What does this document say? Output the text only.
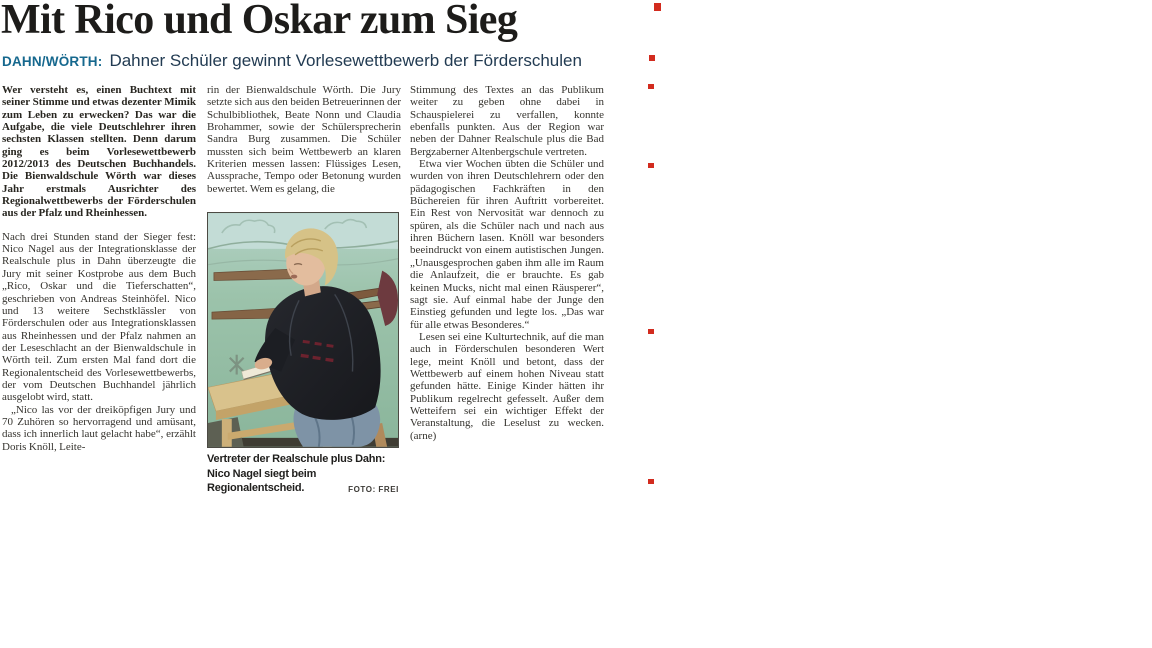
Mit Rico und Oskar zum Sieg
DAHN/WÖRTH: Dahner Schüler gewinnt Vorlesewettbewerb der Förderschulen

Wer versteht es, einen Buchtext mit seiner Stimme und etwas dezenter Mimik zum Leben zu erwecken? Das war die Aufgabe, die viele Deutschlehrer ihren sechsten Klassen stellten. Denn darum ging es beim Vorlesewettbewerb 2012/2013 des Deutschen Buchhandels. Die Bienwaldschule Wörth war dieses Jahr erstmals Ausrichter des Regionalwettbewerbs der Förderschulen aus der Pfalz und Rheinhessen.

Nach drei Stunden stand der Sieger fest: Nico Nagel aus der Integrationsklasse der Realschule plus in Dahn überzeugte die Jury mit seiner Kostprobe aus dem Buch „Rico, Oskar und die Tieferschatten“, geschrieben von Andreas Steinhöfel. Nico und 13 weitere Sechstklässler von Förderschulen oder aus Integrationsklassen aus Rheinhessen und der Pfalz nahmen an der Leseschlacht an der Bienwaldschule in Wörth teil. Zum ersten Mal fand dort die Regionalentscheid des Vorlesewettbewerbs, der vom Deutschen Buchhandel jährlich ausgelobt wird, statt.

„Nico las vor der dreiköpfigen Jury und 70 Zuhören so hervorragend und amüsant, dass ich innerlich laut gelacht habe“, erzählt Doris Knöll, Leite-

rin der Bienwaldschule Wörth. Die Jury setzte sich aus den beiden Betreuerinnen der Schulbibliothek, Beate Nonn und Claudia Brohammer, sowie der Schülersprecherin Sandra Burg zusammen. Die Schüler mussten sich beim Wettbewerb an klaren Kriterien messen lassen: Flüssiges Lesen, Aussprache, Tempo oder Betonung wurden bewertet. Wem es gelang, die

Vertreter der Realschule plus Dahn: Nico Nagel siegt beim Regionalentscheid.	FOTO: FREI

Stimmung des Textes an das Publikum weiter zu geben ohne dabei in Schauspielerei zu verfallen, konnte ebenfalls punkten. Aus der Region war neben der Dahner Realschule plus die Bad Bergzaberner Altenbergschule vertreten.

Etwa vier Wochen übten die Schüler und wurden von ihren Deutschlehrern oder den pädagogischen Fachkräften in den Büchereien für ihren Auftritt vorbereitet. Ein Rest von Nervosität war dennoch zu spüren, als die Schüler nach und nach aus ihren Büchern lasen. Knöll war besonders beeindruckt von einem autistischen Jungen. „Unausgesprochen gaben ihm alle im Raum die Anlaufzeit, die er brauchte. Es gab keinen Mucks, nicht mal einen Räusperer“, sagt sie. Auf einmal habe der Junge den Einstieg gefunden und legte los. „Das war für alle etwas Besonderes.“

Lesen sei eine Kulturtechnik, auf die man auch in Förderschulen besonderen Wert lege, meint Knöll und betont, dass der Wettbewerb auf einem hohen Niveau statt gefunden hätte. Einige Kinder hätten ihr Publikum regelrecht gefesselt. Außer dem Wetteifern sei ein wichtiger Effekt der Veranstaltung, die Leselust zu wecken. (arne)
